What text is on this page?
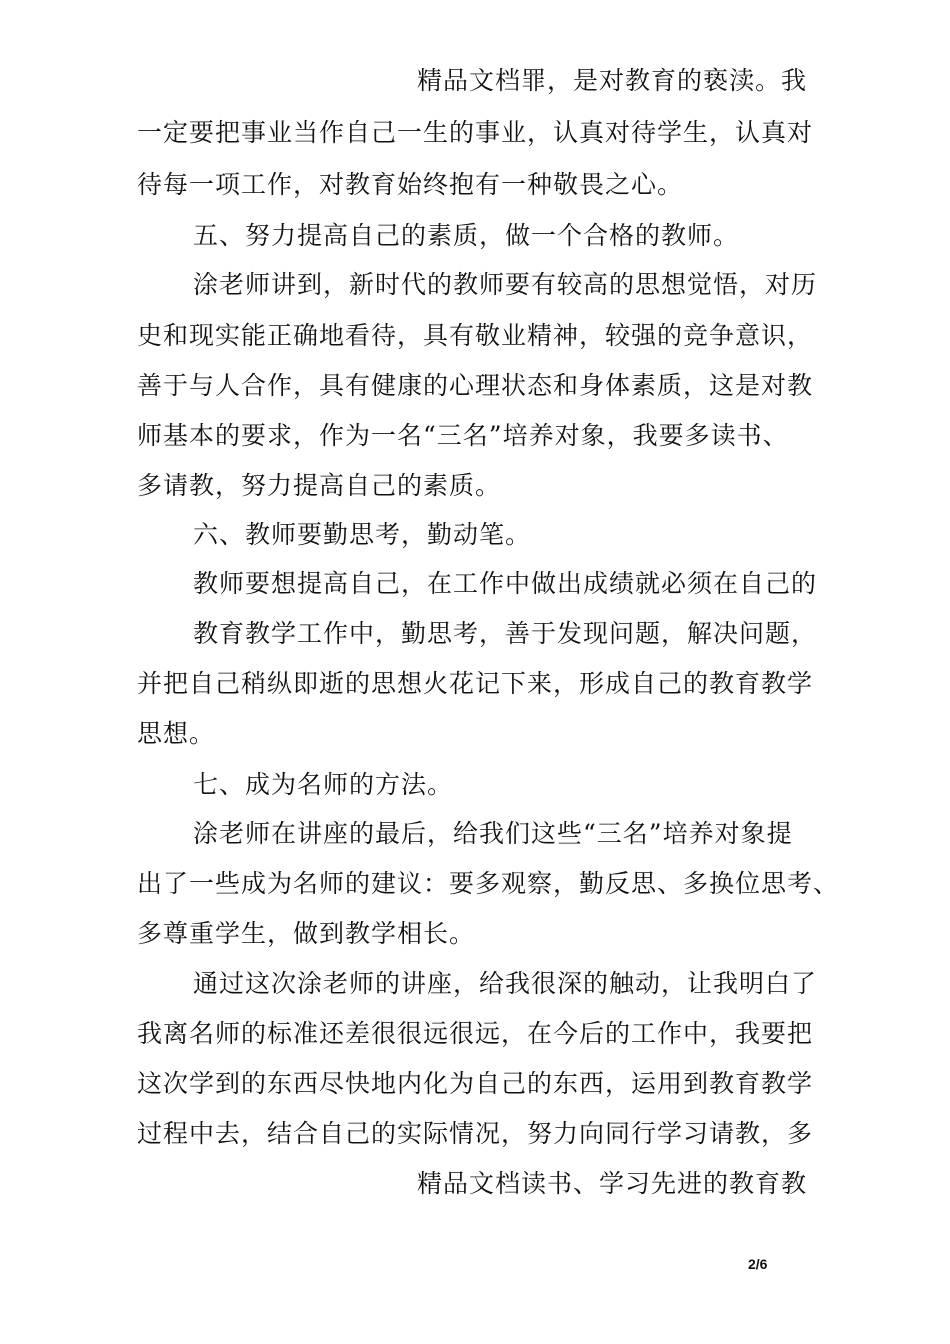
精品文档罪，是对教育的亵渎。我
一定要把事业当作自己一生的事业，认真对待学生，认真对
待每一项工作，对教育始终抱有一种敬畏之心。
五、努力提高自己的素质，做一个合格的教师。
涂老师讲到，新时代的教师要有较高的思想觉悟，对历
史和现实能正确地看待，具有敬业精神，较强的竞争意识，
善于与人合作，具有健康的心理状态和身体素质，这是对教
师基本的要求，作为一名“三名”培养对象，我要多读书、
多请教，努力提高自己的素质。
六、教师要勤思考，勤动笔。
教师要想提高自己，在工作中做出成绩就必须在自己的
教育教学工作中，勤思考，善于发现问题，解决问题，
并把自己稍纵即逝的思想火花记下来，形成自己的教育教学
思想。
七、成为名师的方法。
涂老师在讲座的最后，给我们这些“三名”培养对象提
出了一些成为名师的建议：要多观察，勤反思、多换位思考、
多尊重学生，做到教学相长。
通过这次涂老师的讲座，给我很深的触动，让我明白了
我离名师的标准还差很很远很远，在今后的工作中，我要把
这次学到的东西尽快地内化为自己的东西，运用到教育教学
过程中去，结合自己的实际情况，努力向同行学习请教，多
精品文档读书、学习先进的教育教
2/6
